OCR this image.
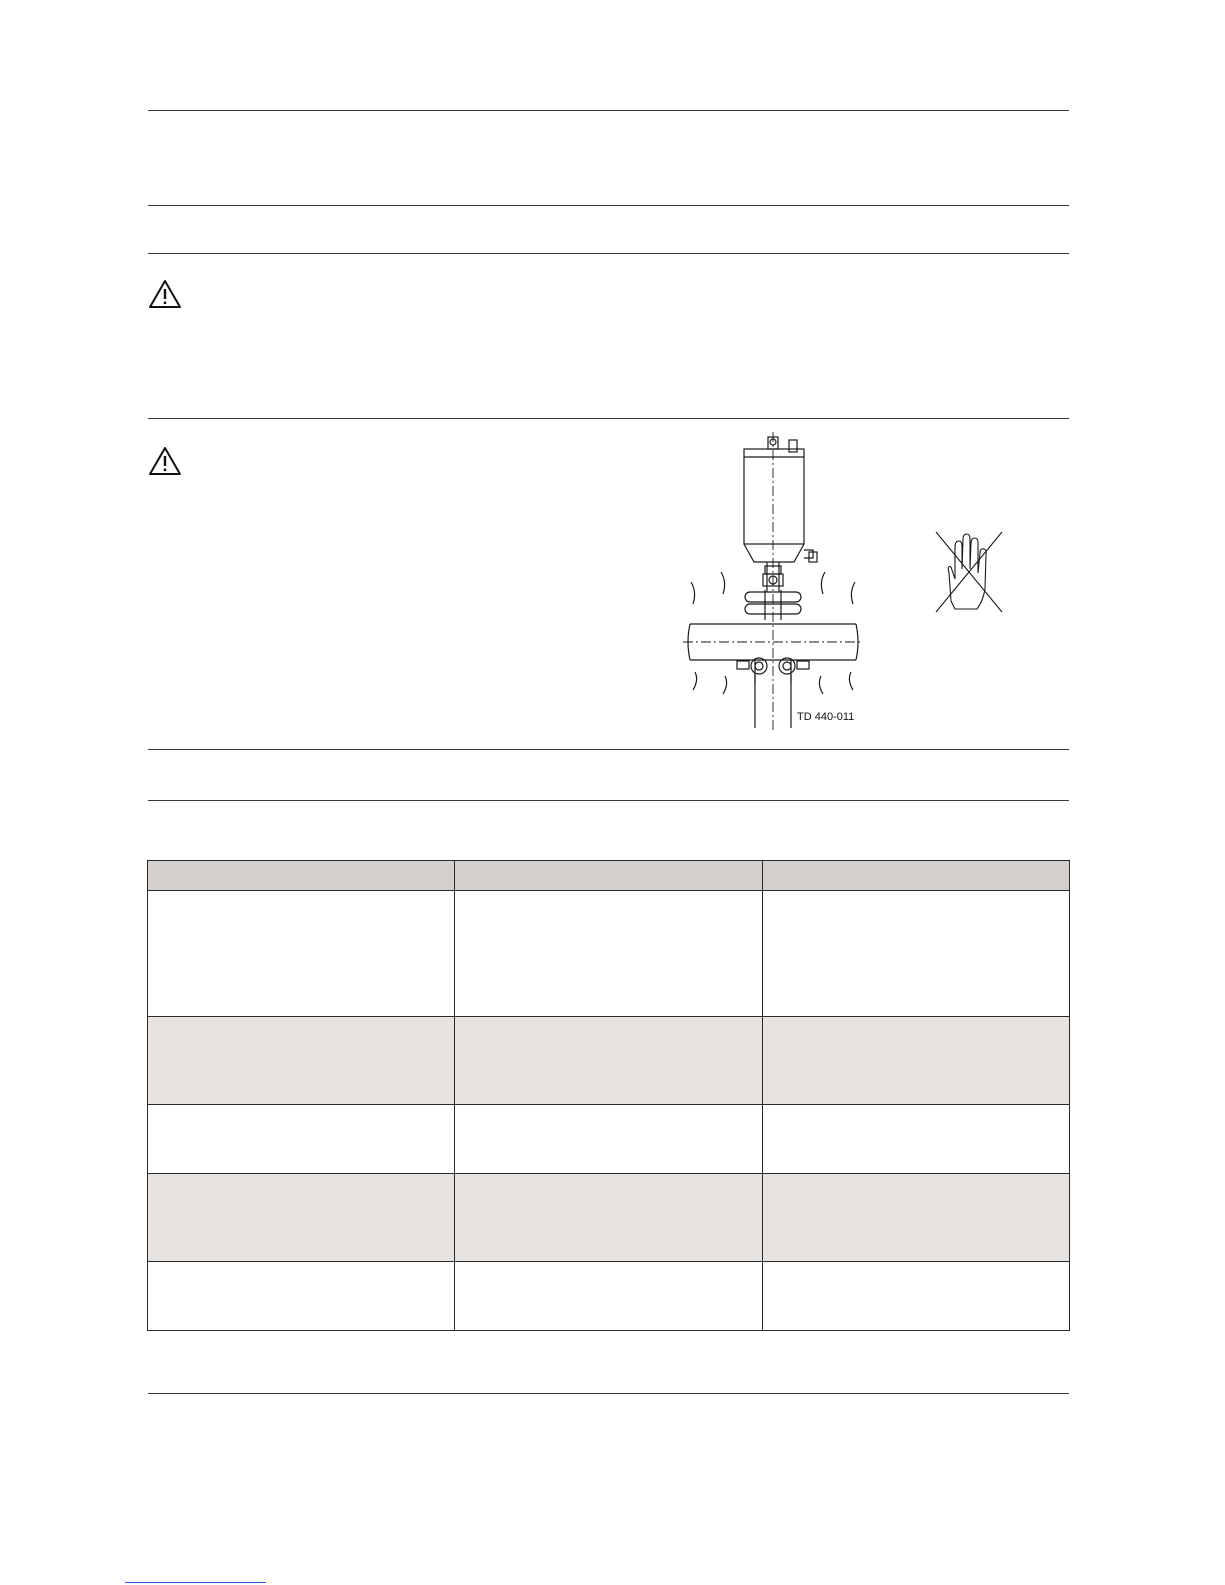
TD 440-011
